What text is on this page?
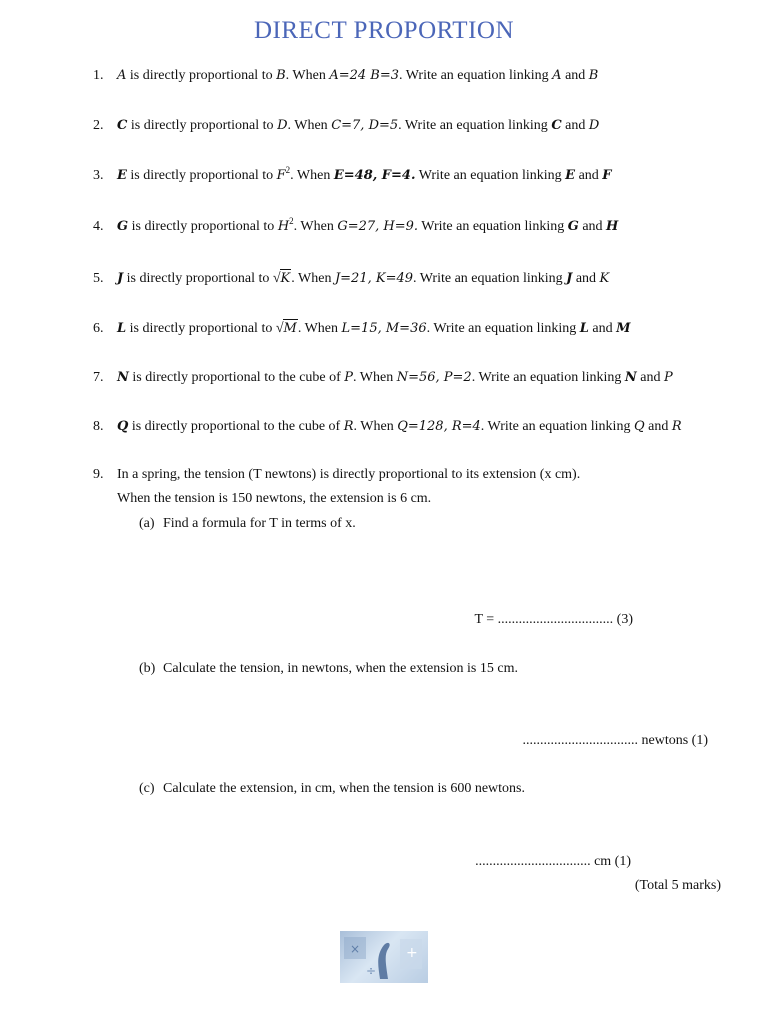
DIRECT PROPORTION
1. A is directly proportional to B. When A=24 B=3. Write an equation linking A and B
2. C is directly proportional to D. When C=7, D=5. Write an equation linking C and D
3. E is directly proportional to $F^2$. When E=48, F=4. Write an equation linking E and F
4. G is directly proportional to $H^2$. When G=27, H=9. Write an equation linking G and H
5. J is directly proportional to √K. When J=21, K=49. Write an equation linking J and K
6. L is directly proportional to √M. When L=15, M=36. Write an equation linking L and M
7. N is directly proportional to the cube of P. When N=56, P=2. Write an equation linking N and P
8. Q is directly proportional to the cube of R. When Q=128, R=4. Write an equation linking Q and R
9. In a spring, the tension (T newtons) is directly proportional to its extension (x cm).
When the tension is 150 newtons, the extension is 6 cm.
(a) Find a formula for T in terms of x.
T = ................................. (3)
(b) Calculate the tension, in newtons, when the extension is 15 cm.
................................. newtons (1)
(c) Calculate the extension, in cm, when the tension is 600 newtons.
................................. cm (1)
(Total 5 marks)
×	+
÷
